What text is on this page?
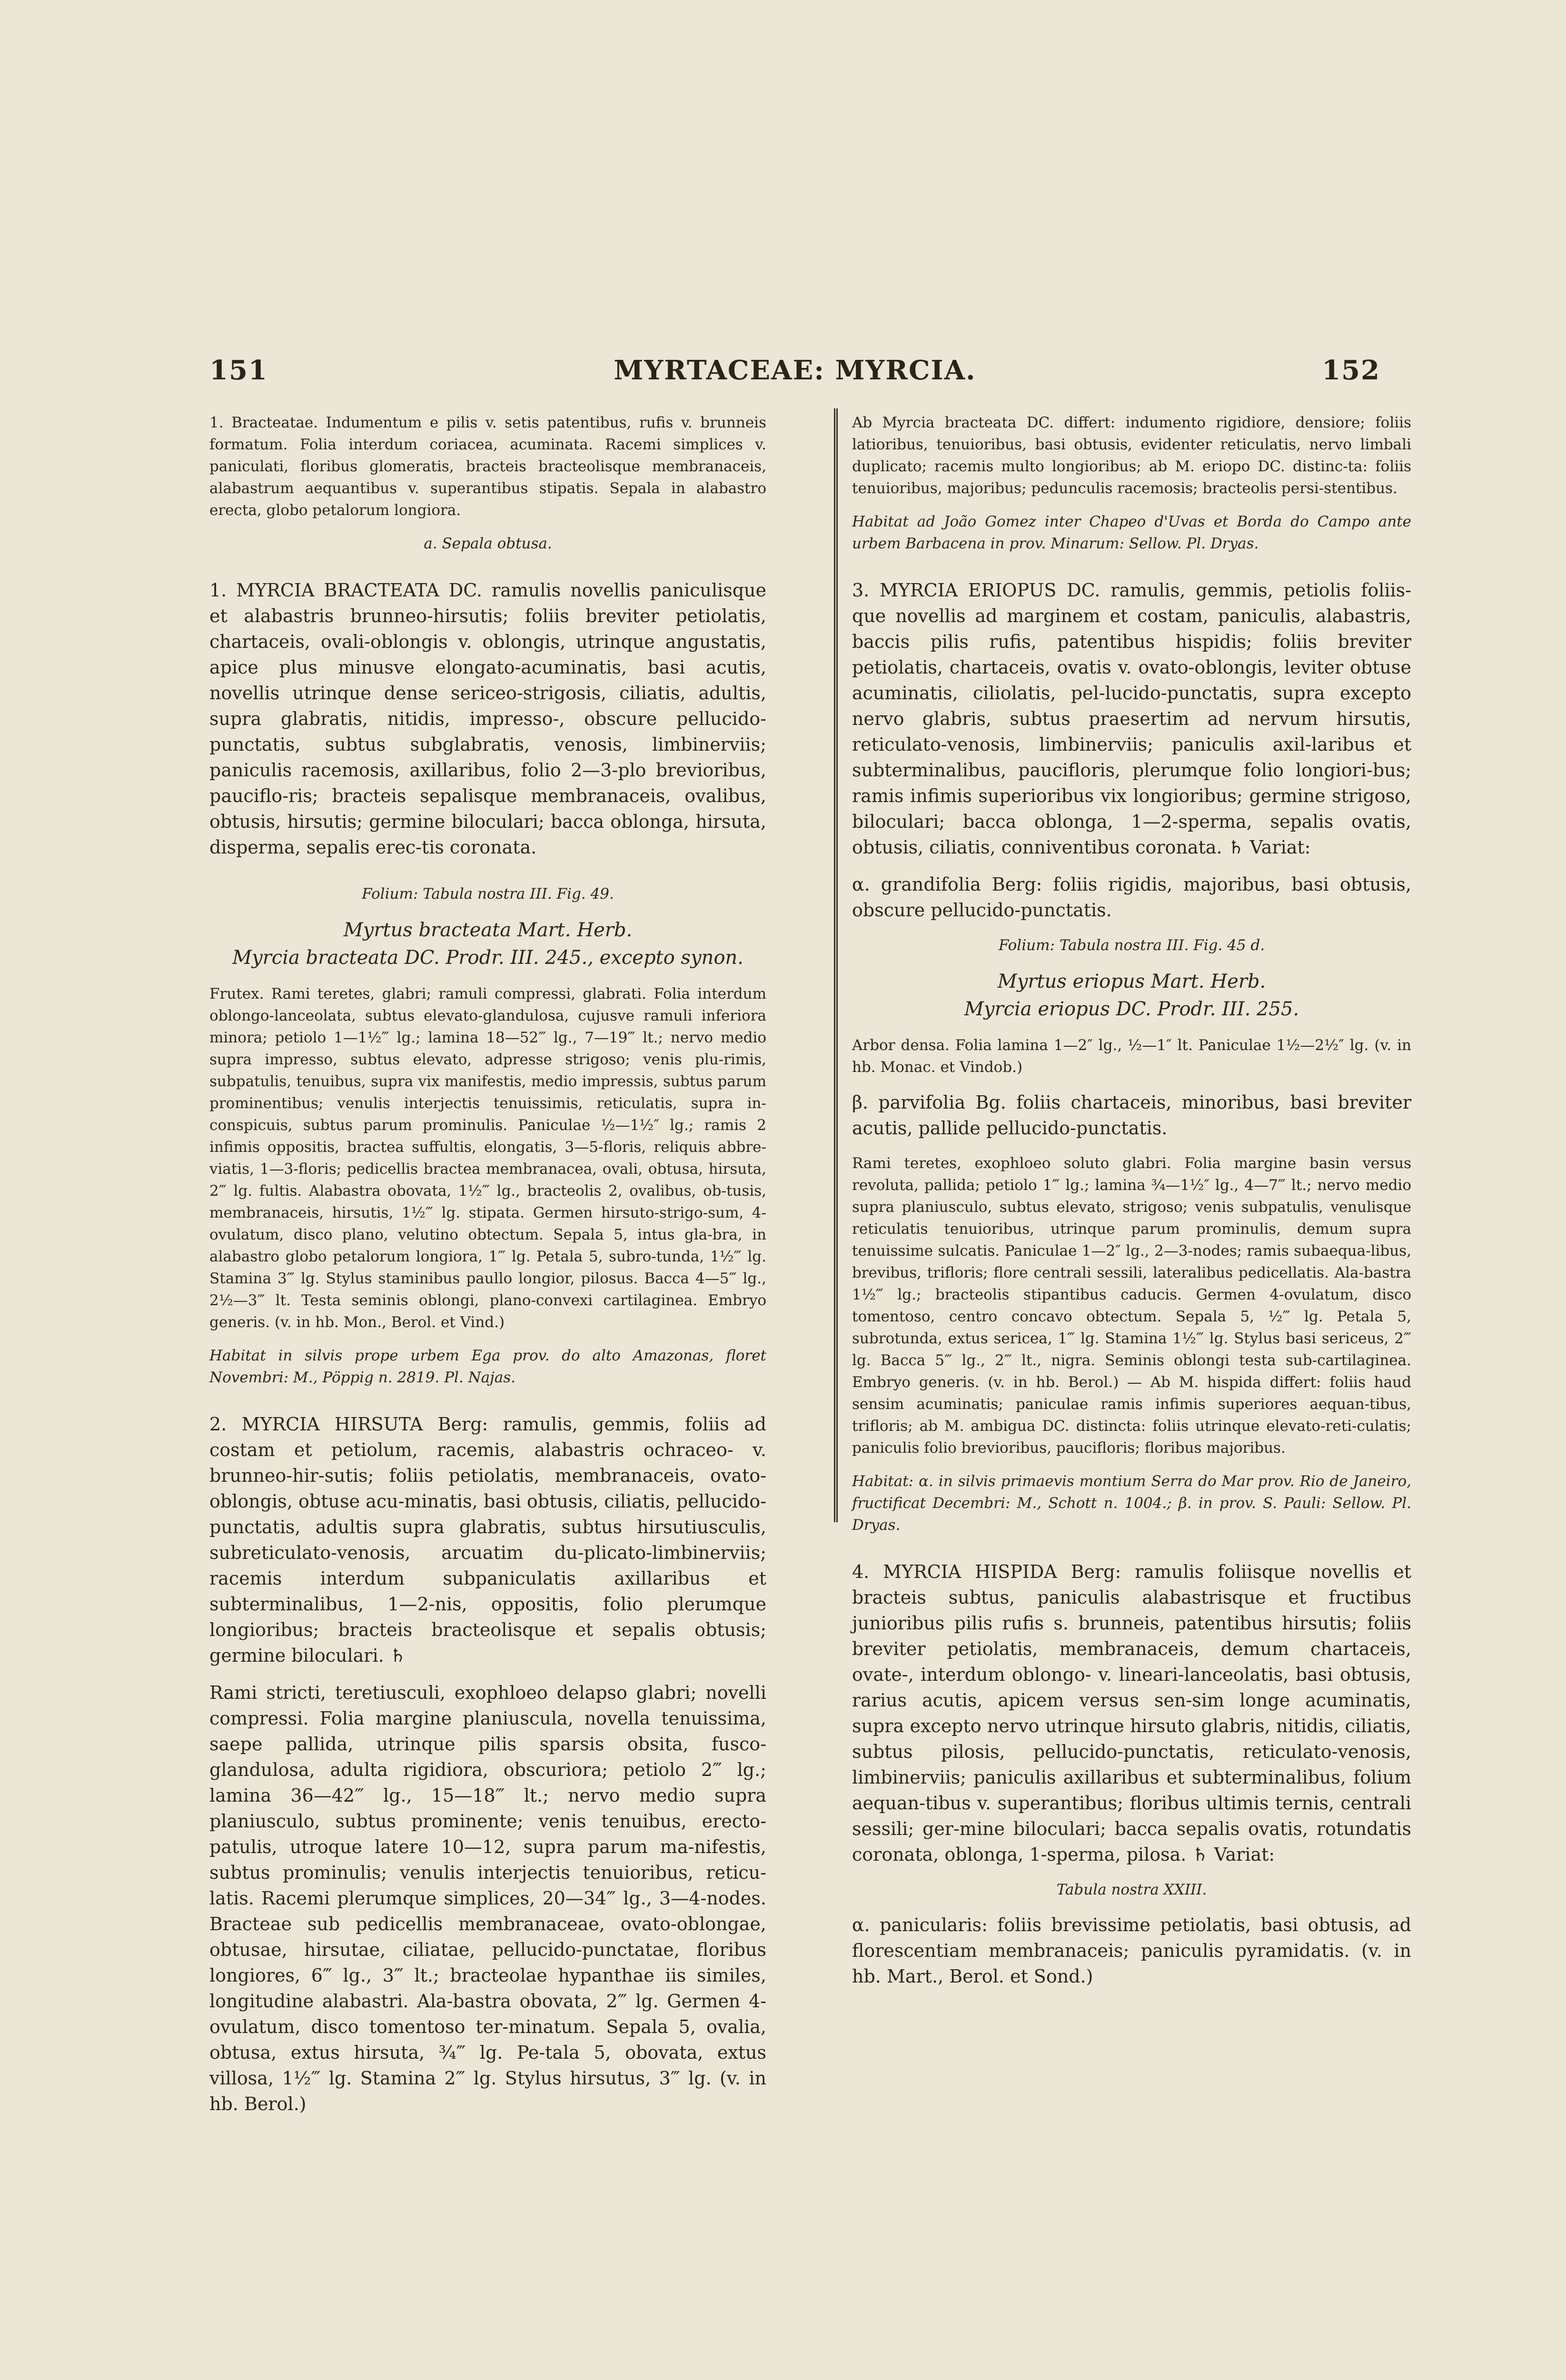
151	MYRTACEAE: MYRCIA.	152

1. Bracteatae. Indumentum e pilis v. setis patentibus, rufis v. brunneis formatum. Folia interdum coriacea, acuminata. Racemi simplices v. paniculati, floribus glomeratis, bracteis bracteolisque membranaceis, alabastrum aequantibus v. superantibus stipatis. Sepala in alabastro erecta, globo petalorum longiora.

a. Sepala obtusa.

1. MYRCIA BRACTEATA DC. ramulis novellis paniculisque et alabastris brunneo-hirsutis; foliis breviter petiolatis, chartaceis, ovali-oblongis v. oblongis, utrinque angustatis, apice plus minusve elongato-acuminatis, basi acutis, novellis utrinque dense sericeo-strigosis, ciliatis, adultis, supra glabratis, nitidis, impresso-, obscure pellucido-punctatis, subtus subglabratis, venosis, limbinerviis; paniculis racemosis, axillaribus, folio 2—3-plo brevioribus, pauciflo-ris; bracteis sepalisque membranaceis, ovalibus, obtusis, hirsutis; germine biloculari; bacca oblonga, hirsuta, disperma, sepalis erec-tis coronata.

Folium: Tabula nostra III. Fig. 49.

Myrtus bracteata Mart. Herb.

Myrcia bracteata DC. Prodr. III. 245., excepto synon.

Frutex. Rami teretes, glabri; ramuli compressi, glabrati. Folia interdum oblongo-lanceolata, subtus elevato-glandulosa, cujusve ramuli inferiora minora; petiolo 1—1½‴ lg.; lamina 18—52‴ lg., 7—19‴ lt.; nervo medio supra impresso, subtus elevato, adpresse strigoso; venis plu-rimis, subpatulis, tenuibus, supra vix manifestis, medio impressis, subtus parum prominentibus; venulis interjectis tenuissimis, reticulatis, supra in-conspicuis, subtus parum prominulis. Paniculae ½—1½″ lg.; ramis 2 infimis oppositis, bractea suffultis, elongatis, 3—5-floris, reliquis abbre-viatis, 1—3-floris; pedicellis bractea membranacea, ovali, obtusa, hirsuta, 2‴ lg. fultis. Alabastra obovata, 1½‴ lg., bracteolis 2, ovalibus, ob-tusis, membranaceis, hirsutis, 1½‴ lg. stipata. Germen hirsuto-strigo-sum, 4-ovulatum, disco plano, velutino obtectum. Sepala 5, intus gla-bra, in alabastro globo petalorum longiora, 1‴ lg. Petala 5, subro-tunda, 1½‴ lg. Stamina 3‴ lg. Stylus staminibus paullo longior, pilosus. Bacca 4—5‴ lg., 2½—3‴ lt. Testa seminis oblongi, plano-convexi cartilaginea. Embryo generis. (v. in hb. Mon., Berol. et Vind.)

Habitat in silvis prope urbem Ega prov. do alto Amazonas, floret Novembri: M., Pöppig n. 2819. Pl. Najas.

2. MYRCIA HIRSUTA Berg: ramulis, gemmis, foliis ad costam et petiolum, racemis, alabastris ochraceo- v. brunneo-hir-sutis; foliis petiolatis, membranaceis, ovato-oblongis, obtuse acu-minatis, basi obtusis, ciliatis, pellucido-punctatis, adultis supra glabratis, subtus hirsutiusculis, subreticulato-venosis, arcuatim du-plicato-limbinerviis; racemis interdum subpaniculatis axillaribus et subterminalibus, 1—2-nis, oppositis, folio plerumque longioribus; bracteis bracteolisque et sepalis obtusis; germine biloculari. ♄

Rami stricti, teretiusculi, exophloeo delapso glabri; novelli compressi. Folia margine planiuscula, novella tenuissima, saepe pallida, utrinque pilis sparsis obsita, fusco-glandulosa, adulta rigidiora, obscuriora; petiolo 2‴ lg.; lamina 36—42‴ lg., 15—18‴ lt.; nervo medio supra planiusculo, subtus prominente; venis tenuibus, erecto-patulis, utroque latere 10—12, supra parum ma-nifestis, subtus prominulis; venulis interjectis tenuioribus, reticu-latis. Racemi plerumque simplices, 20—34‴ lg., 3—4-nodes. Bracteae sub pedicellis membranaceae, ovato-oblongae, obtusae, hirsutae, ciliatae, pellucido-punctatae, floribus longiores, 6‴ lg., 3‴ lt.; bracteolae hypanthae iis similes, longitudine alabastri. Ala-bastra obovata, 2‴ lg. Germen 4-ovulatum, disco tomentoso ter-minatum. Sepala 5, ovalia, obtusa, extus hirsuta, ¾‴ lg. Pe-tala 5, obovata, extus villosa, 1½‴ lg. Stamina 2‴ lg. Stylus hirsutus, 3‴ lg. (v. in hb. Berol.)

Ab Myrcia bracteata DC. differt: indumento rigidiore, densiore; foliis latioribus, tenuioribus, basi obtusis, evidenter reticulatis, nervo limbali duplicato; racemis multo longioribus; ab M. eriopo DC. distinc-ta: foliis tenuioribus, majoribus; pedunculis racemosis; bracteolis persi-stentibus.

Habitat ad João Gomez inter Chapeo d'Uvas et Borda do Campo ante urbem Barbacena in prov. Minarum: Sellow. Pl. Dryas.

3. MYRCIA ERIOPUS DC. ramulis, gemmis, petiolis foliis-que novellis ad marginem et costam, paniculis, alabastris, baccis pilis rufis, patentibus hispidis; foliis breviter petiolatis, chartaceis, ovatis v. ovato-oblongis, leviter obtuse acuminatis, ciliolatis, pel-lucido-punctatis, supra excepto nervo glabris, subtus praesertim ad nervum hirsutis, reticulato-venosis, limbinerviis; paniculis axil-laribus et subterminalibus, paucifloris, plerumque folio longiori-bus; ramis infimis superioribus vix longioribus; germine strigoso, biloculari; bacca oblonga, 1—2-sperma, sepalis ovatis, obtusis, ciliatis, conniventibus coronata. ♄ Variat:

α. grandifolia Berg: foliis rigidis, majoribus, basi obtusis, obscure pellucido-punctatis.

Folium: Tabula nostra III. Fig. 45 d.

Myrtus eriopus Mart. Herb.

Myrcia eriopus DC. Prodr. III. 255.

Arbor densa. Folia lamina 1—2″ lg., ½—1″ lt. Paniculae 1½—2½″ lg. (v. in hb. Monac. et Vindob.)

β. parvifolia Bg. foliis chartaceis, minoribus, basi breviter acutis, pallide pellucido-punctatis.

Rami teretes, exophloeo soluto glabri. Folia margine basin versus revoluta, pallida; petiolo 1‴ lg.; lamina ¾—1½″ lg., 4—7‴ lt.; nervo medio supra planiusculo, subtus elevato, strigoso; venis subpatulis, venulisque reticulatis tenuioribus, utrinque parum prominulis, demum supra tenuissime sulcatis. Paniculae 1—2″ lg., 2—3-nodes; ramis subaequa-libus, brevibus, trifloris; flore centrali sessili, lateralibus pedicellatis. Ala-bastra 1½‴ lg.; bracteolis stipantibus caducis. Germen 4-ovulatum, disco tomentoso, centro concavo obtectum. Sepala 5, ½‴ lg. Petala 5, subrotunda, extus sericea, 1‴ lg. Stamina 1½‴ lg. Stylus basi sericeus, 2‴ lg. Bacca 5‴ lg., 2‴ lt., nigra. Seminis oblongi testa sub-cartilaginea. Embryo generis. (v. in hb. Berol.) — Ab M. hispida differt: foliis haud sensim acuminatis; paniculae ramis infimis superiores aequan-tibus, trifloris; ab M. ambigua DC. distincta: foliis utrinque elevato-reti-culatis; paniculis folio brevioribus, paucifloris; floribus majoribus.

Habitat: α. in silvis primaevis montium Serra do Mar prov. Rio de Janeiro, fructificat Decembri: M., Schott n. 1004.; β. in prov. S. Pauli: Sellow. Pl. Dryas.

4. MYRCIA HISPIDA Berg: ramulis foliisque novellis et bracteis subtus, paniculis alabastrisque et fructibus junioribus pilis rufis s. brunneis, patentibus hirsutis; foliis breviter petiolatis, membranaceis, demum chartaceis, ovate-, interdum oblongo- v. lineari-lanceolatis, basi obtusis, rarius acutis, apicem versus sen-sim longe acuminatis, supra excepto nervo utrinque hirsuto glabris, nitidis, ciliatis, subtus pilosis, pellucido-punctatis, reticulato-venosis, limbinerviis; paniculis axillaribus et subterminalibus, folium aequan-tibus v. superantibus; floribus ultimis ternis, centrali sessili; ger-mine biloculari; bacca sepalis ovatis, rotundatis coronata, oblonga, 1-sperma, pilosa. ♄ Variat:

Tabula nostra XXIII.

α. panicularis: foliis brevissime petiolatis, basi obtusis, ad florescentiam membranaceis; paniculis pyramidatis. (v. in hb. Mart., Berol. et Sond.)
